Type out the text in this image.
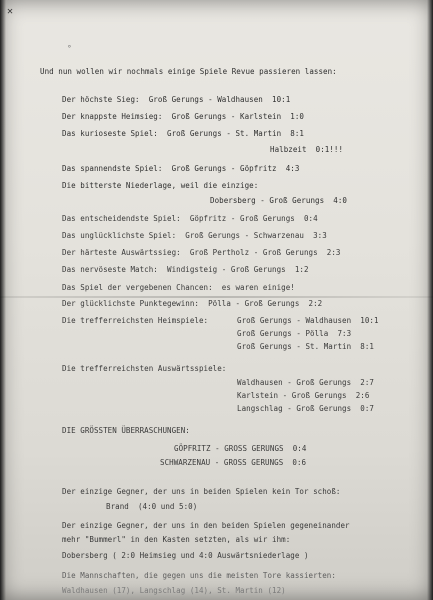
✕
°
Und nun wollen wir nochmals einige Spiele Revue passieren lassen:
Der höchste Sieg:  Groß Gerungs - Waldhausen  10:1
Der knappste Heimsieg:  Groß Gerungs - Karlstein  1:0
Das kurioseste Spiel:  Groß Gerungs - St. Martin  8:1
Halbzeit  0:1!!!
Das spannendste Spiel:  Groß Gerungs - Göpfritz  4:3
Die bitterste Niederlage, weil die einzige:
Dobersberg - Groß Gerungs  4:0
Das entscheidendste Spiel:  Göpfritz - Groß Gerungs  0:4
Das unglücklichste Spiel:  Groß Gerungs - Schwarzenau  3:3
Der härteste Auswärtssieg:  Groß Pertholz - Groß Gerungs  2:3
Das nervöseste Match:  Windigsteig - Groß Gerungs  1:2
Das Spiel der vergebenen Chancen:  es waren einige!
Der glücklichste Punktegewinn:  Pölla - Groß Gerungs  2:2
Die trefferreichsten Heimspiele:	Groß Gerungs - Waldhausen  10:1
Groß Gerungs - Pölla  7:3
Groß Gerungs - St. Martin  8:1
Die trefferreichsten Auswärtsspiele:
Waldhausen - Groß Gerungs  2:7
Karlstein - Groß Gerungs  2:6
Langschlag - Groß Gerungs  0:7
DIE GRÖSSTEN ÜBERRASCHUNGEN:
GÖPFRITZ - GROSS GERUNGS  0:4
SCHWARZENAU - GROSS GERUNGS  0:6
Der einzige Gegner, der uns in beiden Spielen kein Tor schoß:
Brand  (4:0 und 5:0)
Der einzige Gegner, der uns in den beiden Spielen gegeneinander
mehr "Bummerl" in den Kasten setzten, als wir ihm:
Dobersberg ( 2:0 Heimsieg und 4:0 Auswärtsniederlage )
Die Mannschaften, die gegen uns die meisten Tore kassierten:
Waldhausen (17), Langschlag (14), St. Martin (12)
